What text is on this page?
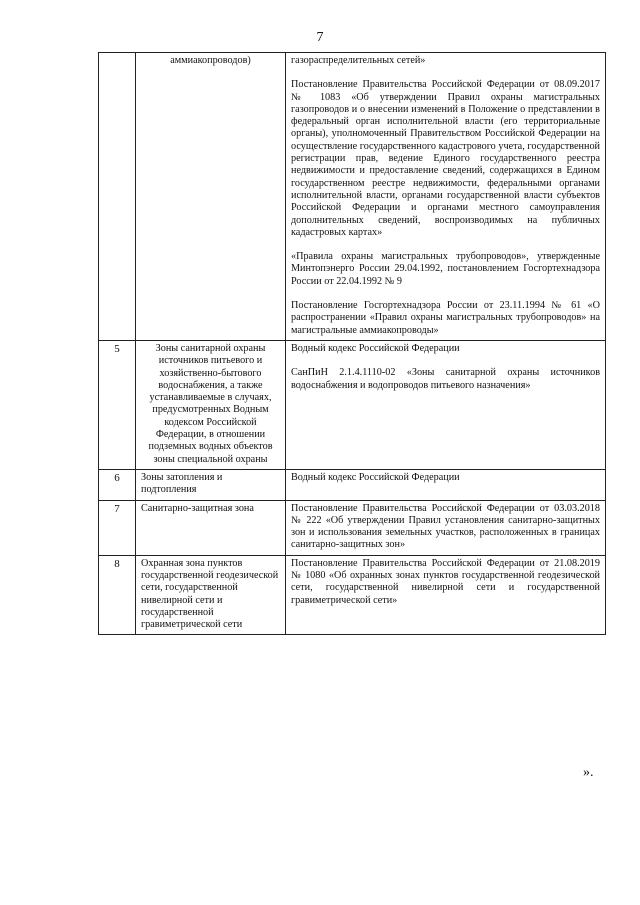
7
	аммиакопроводов)	газораспределительных сетей»

Постановление Правительства Российской Федерации от 08.09.2017 № 1083 «Об утверждении Правил охраны магистральных газопроводов и о внесении изменений в Положение о представлении в федеральный орган исполнительной власти (его территориальные органы), уполномоченный Правительством Российской Федерации на осуществление государственного кадастрового учета, государственной регистрации прав, ведение Единого государственного реестра недвижимости и предоставление сведений, содержащихся в Едином государственном реестре недвижимости, федеральными органами исполнительной власти, органами государственной власти субъектов Российской Федерации и органами местного самоуправления дополнительных сведений, воспроизводимых на публичных кадастровых картах»

«Правила охраны магистральных трубопроводов», утвержденные Минтопэнерго России 29.04.1992, постановлением Госгортехнадзора России от 22.04.1992 № 9

Постановление Госгортехнадзора России от 23.11.1994 № 61 «О распространении «Правил охраны магистральных трубопроводов» на магистральные аммиакопроводы»

5	Зоны санитарной охраны источников питьевого и хозяйственно-бытового водоснабжения, а также устанавливаемые в случаях, предусмотренных Водным кодексом Российской Федерации, в отношении подземных водных объектов зоны специальной охраны	Водный кодекс Российской Федерации

СанПиН 2.1.4.1110-02 «Зоны санитарной охраны источников водоснабжения и водопроводов питьевого назначения»

6	Зоны затопления и подтопления	Водный кодекс Российской Федерации

7	Санитарно-защитная зона	Постановление Правительства Российской Федерации от 03.03.2018 № 222 «Об утверждении Правил установления санитарно-защитных зон и использования земельных участков, расположенных в границах санитарно-защитных зон»

8	Охранная зона пунктов государственной геодезической сети, государственной нивелирной сети и государственной гравиметрической сети	Постановление Правительства Российской Федерации от 21.08.2019 № 1080 «Об охранных зонах пунктов государственной геодезической сети, государственной нивелирной сети и государственной гравиметрической сети»

».
